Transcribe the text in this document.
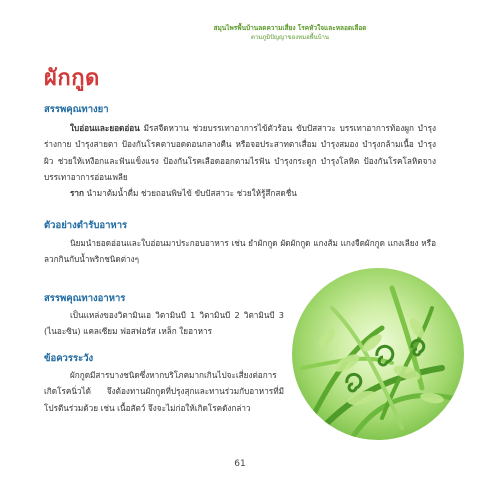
สมุนไพรพื้นบ้านลดความเสี่ยง โรคหัวใจและหลอดเลือด
ตามภูมิปัญญาของหมอพื้นบ้าน
ผักกูด
สรรพคุณทางยา
ใบอ่อนและยอดอ่อน มีรสจืดหวาน ช่วยบรรเทาอาการไข้ตัวร้อน ขับปัสสาวะ บรรเทาอาการท้องผูก บำรุงร่างกาย บำรุงสายตา ป้องกันโรคตาบอดตอนกลางคืน หรือจอประสาทตาเสื่อม บำรุงสมอง บำรุงกล้ามเนื้อ บำรุงผิว ช่วยให้เหงือกและฟันแข็งแรง ป้องกันโรคเลือดออกตามไรฟัน บำรุงกระดูก บำรุงโลหิต ป้องกันโรคโลหิตจาง บรรเทาอาการอ่อนเพลีย
ราก นำมาต้มน้ำดื่ม ช่วยถอนพิษไข้ ขับปัสสาวะ ช่วยให้รู้สึกสดชื่น
ตัวอย่างตำรับอาหาร
นิยมนำยอดอ่อนและใบอ่อนมาประกอบอาหาร เช่น ยำผักกูด ผัดผักกูด แกงส้ม แกงจืดผักกูด แกงเลียง หรือลวกกินกับน้ำพริกชนิดต่างๆ
สรรพคุณทางอาหาร
เป็นแหล่งของวิตามินเอ วิตามินบี 1 วิตามินบี 2 วิตามินบี 3 (ไนอะซิน) แคลเซียม ฟอสฟอรัส เหล็ก ใยอาหาร
ข้อควรระวัง
ผักกูดมีสารบางชนิดซึ่งหากบริโภคมากเกินไปจะเสี่ยงต่อการเกิดโรคนิ่วได้ จึงต้องทานผักกูดที่ปรุงสุกและทานร่วมกับอาหารที่มีโปรตีนร่วมด้วย เช่น เนื้อสัตว์ จึงจะไม่ก่อให้เกิดโรคดังกล่าว
61
